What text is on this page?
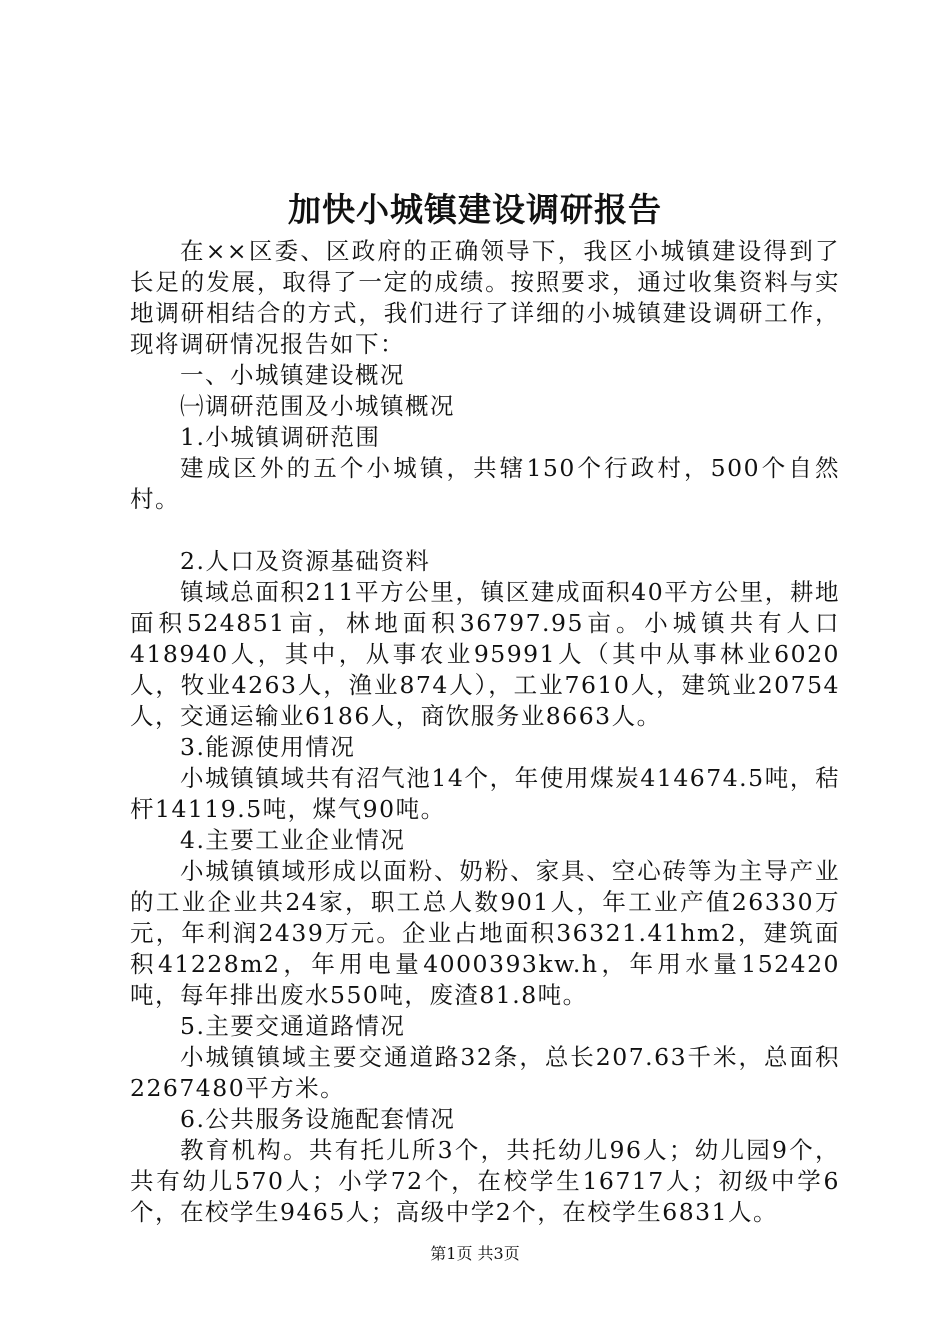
加快小城镇建设调研报告

在××区委、区政府的正确领导下，我区小城镇建设得到了长足的发展，取得了一定的成绩。按照要求，通过收集资料与实地调研相结合的方式，我们进行了详细的小城镇建设调研工作，现将调研情况报告如下：

一、小城镇建设概况

㈠调研范围及小城镇概况

1.小城镇调研范围

建成区外的五个小城镇，共辖150个行政村，500个自然村。

2.人口及资源基础资料

镇域总面积211平方公里，镇区建成面积40平方公里，耕地面积524851亩，林地面积36797.95亩。小城镇共有人口418940人，其中，从事农业95991人（其中从事林业6020人，牧业4263人，渔业874人），工业7610人，建筑业20754人，交通运输业6186人，商饮服务业8663人。

3.能源使用情况

小城镇镇域共有沼气池14个，年使用煤炭414674.5吨，秸杆14119.5吨，煤气90吨。

4.主要工业企业情况

小城镇镇域形成以面粉、奶粉、家具、空心砖等为主导产业的工业企业共24家，职工总人数901人，年工业产值26330万元，年利润2439万元。企业占地面积36321.41hm2，建筑面积41228m2，年用电量4000393kw.h，年用水量152420吨，每年排出废水550吨，废渣81.8吨。

5.主要交通道路情况

小城镇镇域主要交通道路32条，总长207.63千米，总面积2267480平方米。

6.公共服务设施配套情况

教育机构。共有托儿所3个，共托幼儿96人；幼儿园9个，共有幼儿570人；小学72个，在校学生16717人；初级中学6个，在校学生9465人；高级中学2个，在校学生6831人。

第1页 共3页
